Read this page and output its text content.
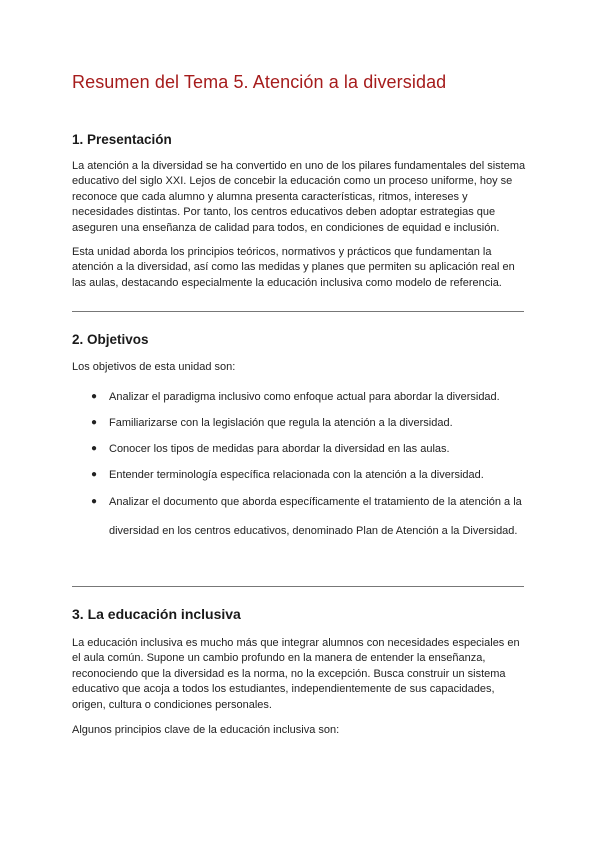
Resumen del Tema 5. Atención a la diversidad
1. Presentación

La atención a la diversidad se ha convertido en uno de los pilares fundamentales del sistema educativo del siglo XXI. Lejos de concebir la educación como un proceso uniforme, hoy se reconoce que cada alumno y alumna presenta características, ritmos, intereses y necesidades distintas. Por tanto, los centros educativos deben adoptar estrategias que aseguren una enseñanza de calidad para todos, en condiciones de equidad e inclusión.

Esta unidad aborda los principios teóricos, normativos y prácticos que fundamentan la atención a la diversidad, así como las medidas y planes que permiten su aplicación real en las aulas, destacando especialmente la educación inclusiva como modelo de referencia.

2. Objetivos

Los objetivos de esta unidad son:

● Analizar el paradigma inclusivo como enfoque actual para abordar la diversidad.
● Familiarizarse con la legislación que regula la atención a la diversidad.
● Conocer los tipos de medidas para abordar la diversidad en las aulas.
● Entender terminología específica relacionada con la atención a la diversidad.
● Analizar el documento que aborda específicamente el tratamiento de la atención a la diversidad en los centros educativos, denominado Plan de Atención a la Diversidad.
3. La educación inclusiva

La educación inclusiva es mucho más que integrar alumnos con necesidades especiales en el aula común. Supone un cambio profundo en la manera de entender la enseñanza, reconociendo que la diversidad es la norma, no la excepción. Busca construir un sistema educativo que acoja a todos los estudiantes, independientemente de sus capacidades, origen, cultura o condiciones personales.

Algunos principios clave de la educación inclusiva son:
